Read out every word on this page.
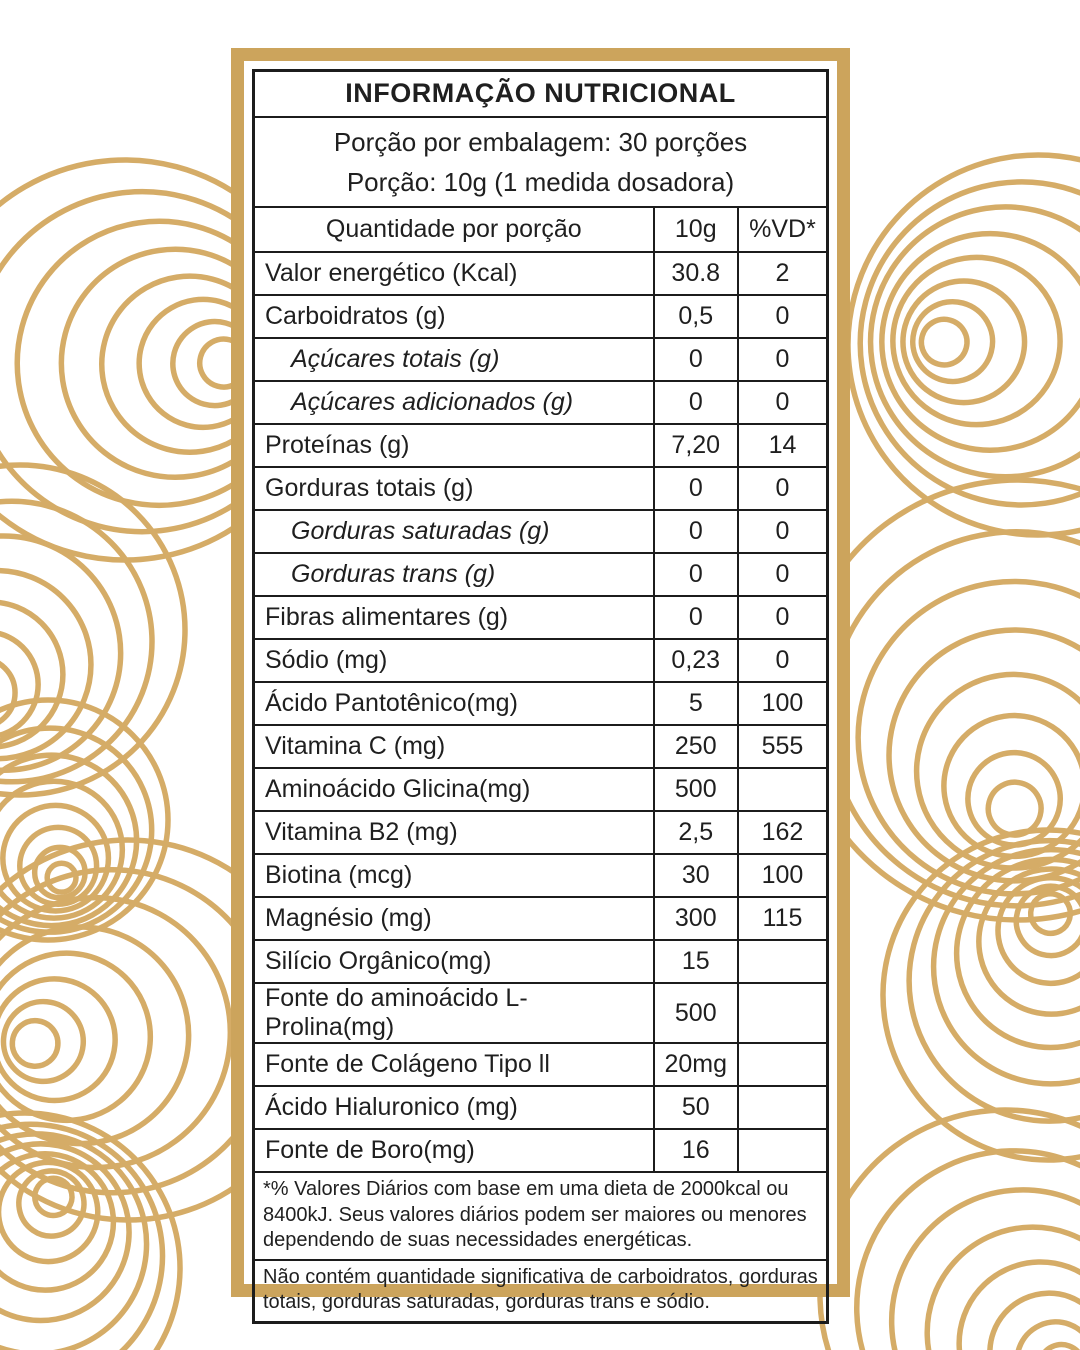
INFORMAÇÃO NUTRICIONAL		

Porção por embalagem: 30 porções
Porção: 10g (1 medida dosadora)		

Quantidade por porção	10g	%VD*
Valor energético (Kcal)	30.8	2
Carboidratos (g)	0,5	0
Açúcares totais (g)	0	0
Açúcares adicionados (g)	0	0
Proteínas (g)	7,20	14
Gorduras totais (g)	0	0
Gorduras saturadas (g)	0	0
Gorduras trans (g)	0	0
Fibras alimentares (g)	0	0
Sódio (mg)	0,23	0
Ácido Pantotênico(mg)	5	100
Vitamina C (mg)	250	555
Aminoácido Glicina(mg)	500	
Vitamina B2 (mg)	2,5	162
Biotina (mcg)	30	100
Magnésio (mg)	300	115
Silício Orgânico(mg)	15	
Fonte do aminoácido L-Prolina(mg)	500	
Fonte de Colágeno Tipo ll	20mg	
Ácido Hialuronico (mg)	50	
Fonte de Boro(mg)	16	
*% Valores Diários com base em uma dieta de 2000kcal ou 8400kJ. Seus valores diários podem ser maiores ou menores dependendo de suas necessidades energéticas.		
Não contém quantidade significativa de carboidratos, gorduras totais, gorduras saturadas, gorduras trans e sódio.		
